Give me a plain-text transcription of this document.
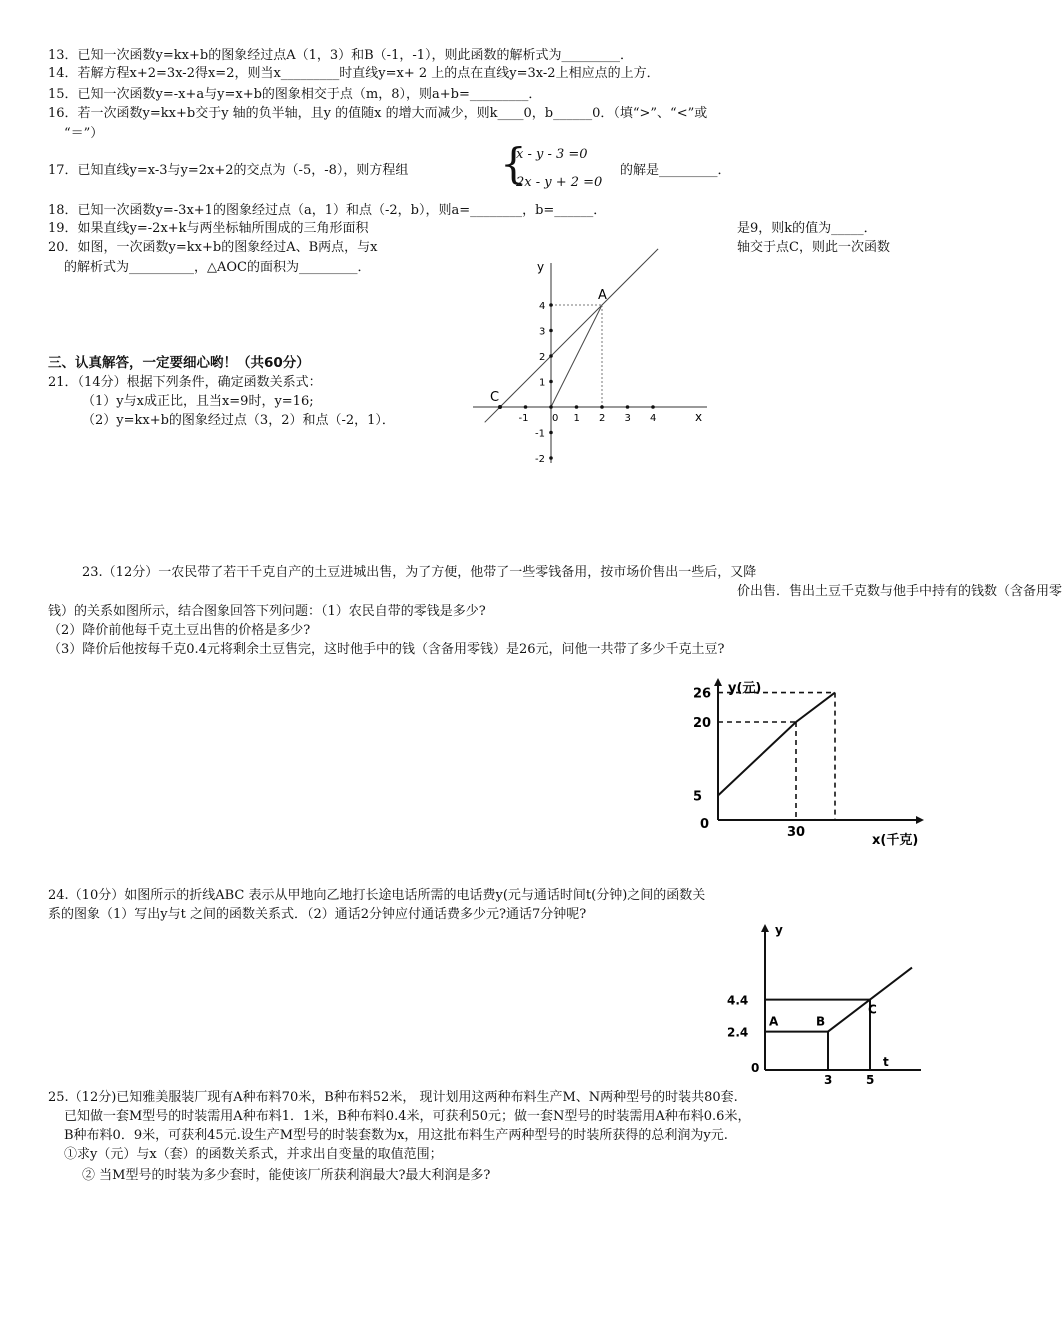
13．已知一次函数y=kx+b的图象经过点A（1，3）和B（-1，-1），则此函数的解析式为_________．
14．若解方程x+2=3x-2得x=2，则当x_________时直线y=x+ 2 上的点在直线y=3x-2上相应点的上方．
15．已知一次函数y=-x+a与y=x+b的图象相交于点（m，8），则a+b=_________．
16．若一次函数y=kx+b交于y 轴的负半轴，且y 的值随x 的增大而减少，则k____0，b______0．（填“>”、“<”或
“＝”）
17．已知直线y=x-3与y=2x+2的交点为（-5，-8），则方程组 {
x - y - 3 =0
2x - y + 2 =0
的解是_________．
18．已知一次函数y=-3x+1的图象经过点（a，1）和点（-2，b），则a=________，b=______．
19．如果直线y=-2x+k与两坐标轴所围成的三角形面积	是9，则k的值为_____．
20．如图，一次函数y=kx+b的图象经过A、B两点，与x	轴交于点C，则此一次函数
的解析式为__________，△AOC的面积为_________．
三、认真解答，一定要细心哟！（共60分）
21．（14分）根据下列条件，确定函数关系式：
（1）y与x成正比，且当x=9时，y=16;
（2）y=kx+b的图象经过点（3，2）和点（-2，1）．	x
y
-1 0 1 2 3 4
4
3
2
1
-1
-2
A
C
23.（12分）一农民带了若干千克自产的土豆进城出售，为了方便，他带了一些零钱备用，按市场价售出一些后，又降
价出售．售出土豆千克数与他手中持有的钱数（含备用零
钱）的关系如图所示，结合图象回答下列问题：（1）农民自带的零钱是多少?
（2）降价前他每千克土豆出售的价格是多少?
（3）降价后他按每千克0.4元将剩余土豆售完，这时他手中的钱（含备用零钱）是26元，问他一共带了多少千克土豆?
y(元)
x(千克)
5
20
26
0
30
24.（10分）如图所示的折线ABC 表示从甲地向乙地打长途电话所需的电话费y(元与通话时间t(分钟)之间的函数关
系的图象（1）写出y与t 之间的函数关系式．（2）通话2分钟应付通话费多少元?通话7分钟呢?
y
t
4.4
2.4
A	B
C
0
3	5
25.（12分)已知雅美服装厂现有A种布料70米，B种布料52米， 现计划用这两种布料生产M、N两种型号的时装共80套.
已知做一套M型号的时装需用A种布料1．1米，B种布料0.4米，可获利50元；做一套N型号的时装需用A种布料0.6米，
B种布料0．9米，可获利45元.设生产M型号的时装套数为x，用这批布料生产两种型号的时装所获得的总利润为y元.
①求y（元）与x（套）的函数关系式，并求出自变量的取值范围；
② 当M型号的时装为多少套时，能使该厂所获利润最大?最大利润是多?
